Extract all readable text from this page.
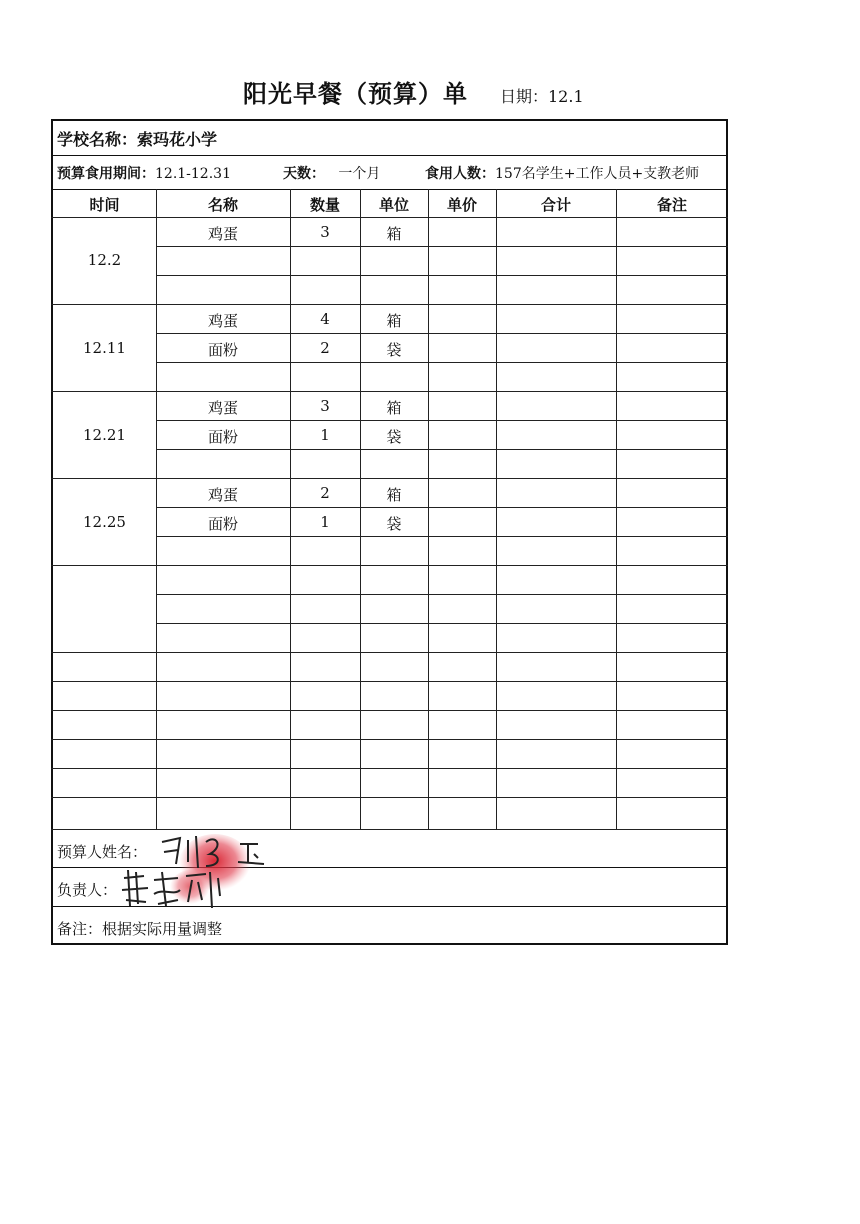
阳光早餐（预算）单 日期：12.1
学校名称：索玛花小学
预算食用期间：12.1-12.31	天数： 一个月	食用人数：157名学生+工作人员+支教老师
时间	名称	数量	单位	单价	合计	备注
12.2
鸡蛋	3	箱
12.11
鸡蛋	4	箱
面粉	2	袋
12.21
鸡蛋	3	箱
面粉	1	袋
12.25
鸡蛋	2	箱
面粉	1	袋
预算人姓名：
负责人：
备注：根据实际用量调整
